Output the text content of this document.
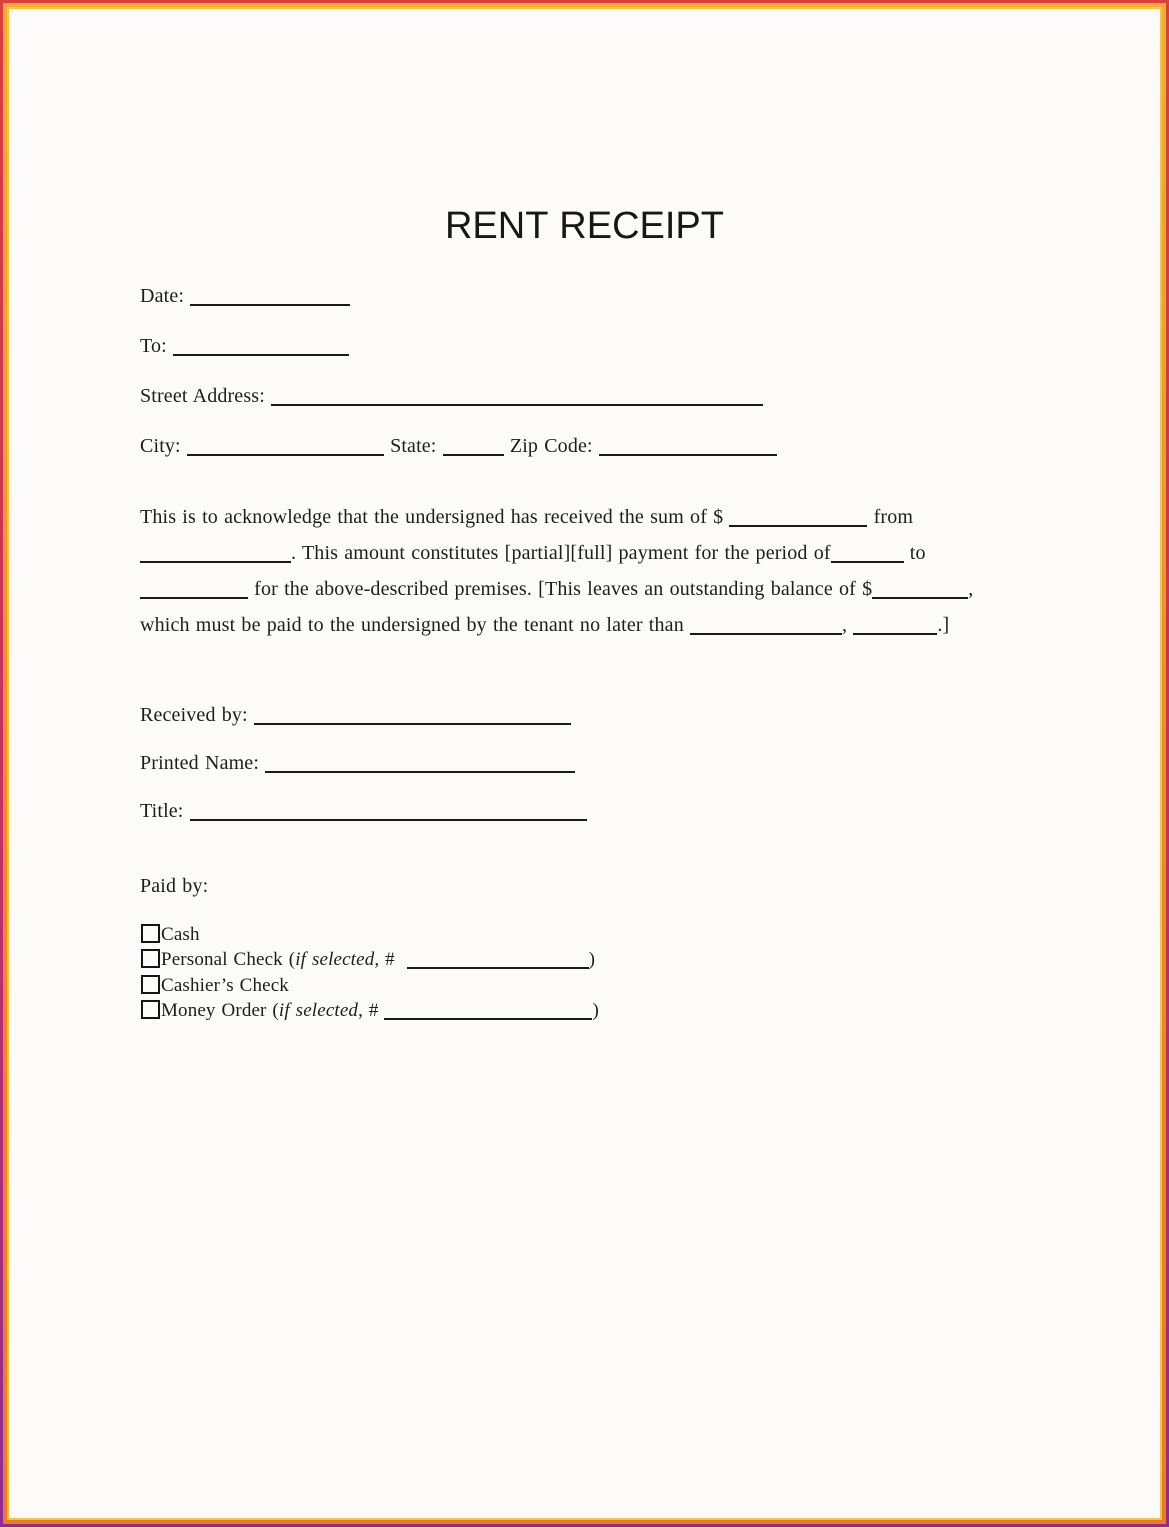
RENT RECEIPT
Date:
To:
Street Address:
City:	State:	Zip Code:
This is to acknowledge that the undersigned has received the sum of $	from
. This amount constitutes [partial][full] payment for the period of	to
for the above-described premises. [This leaves an outstanding balance of $	,
which must be paid to the undersigned by the tenant no later than	,	.]
Received by:
Printed Name:
Title:
Paid by:
Cash
Personal Check (if selected, #	)
Cashier’s Check
Money Order (if selected, #	)
